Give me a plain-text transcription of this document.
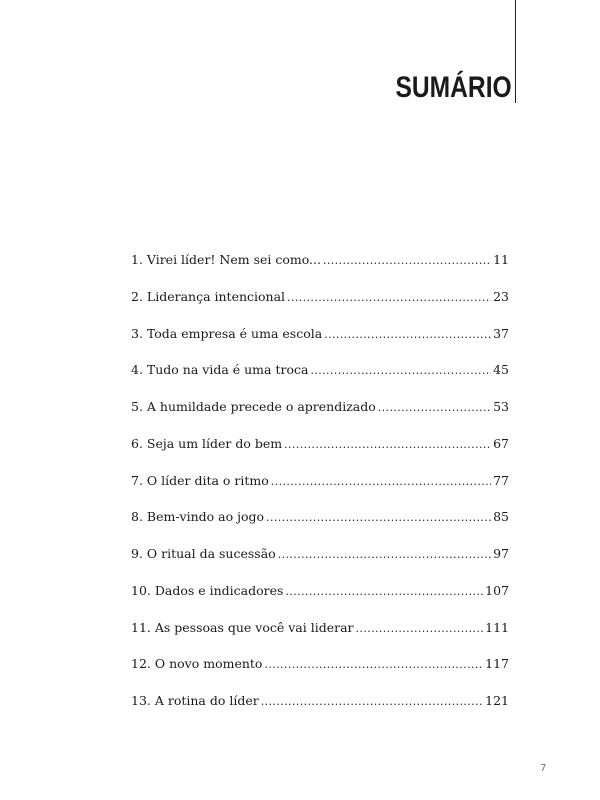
SUMÁRIO
1. Virei líder! Nem sei como... .....	11
2. Liderança intencional .....	23
3. Toda empresa é uma escola .....	37
4. Tudo na vida é uma troca .....	45
5. A humildade precede o aprendizado .....	53
6. Seja um líder do bem .....	67
7. O líder dita o ritmo .....	77
8. Bem-vindo ao jogo .....	85
9. O ritual da sucessão .....	97
10. Dados e indicadores .....	107
11. As pessoas que você vai liderar .....	111
12. O novo momento .....	117
13. A rotina do líder .....	121
7
